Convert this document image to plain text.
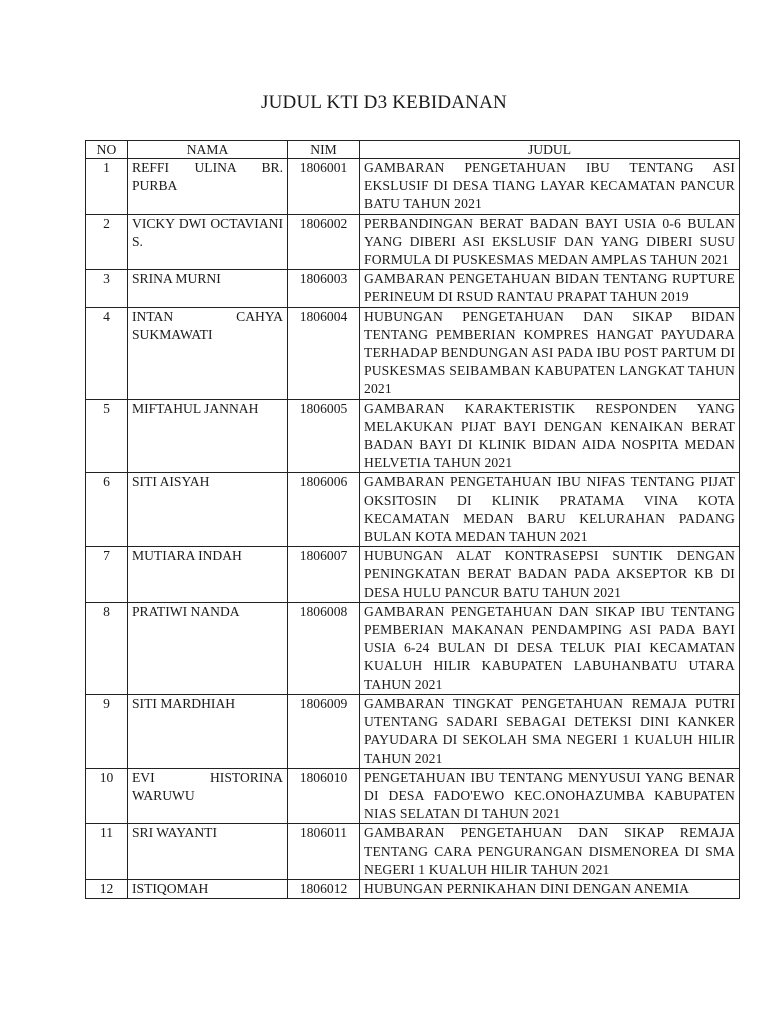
JUDUL KTI D3 KEBIDANAN
NO	NAMA	NIM	JUDUL
1	REFFI ULINA BR. PURBA	1806001	GAMBARAN PENGETAHUAN IBU TENTANG ASI EKSLUSIF DI DESA TIANG LAYAR KECAMATAN PANCUR BATU TAHUN 2021
2	VICKY DWI OCTAVIANI S.	1806002	PERBANDINGAN BERAT BADAN BAYI USIA 0-6 BULAN YANG DIBERI ASI EKSLUSIF DAN YANG DIBERI SUSU FORMULA DI PUSKESMAS MEDAN AMPLAS TAHUN 2021
3	SRINA MURNI	1806003	GAMBARAN PENGETAHUAN BIDAN TENTANG RUPTURE PERINEUM DI RSUD RANTAU PRAPAT TAHUN 2019
4	INTAN CAHYA SUKMAWATI	1806004	HUBUNGAN PENGETAHUAN DAN SIKAP BIDAN TENTANG PEMBERIAN KOMPRES HANGAT PAYUDARA TERHADAP BENDUNGAN ASI PADA IBU POST PARTUM DI PUSKESMAS SEIBAMBAN KABUPATEN LANGKAT TAHUN 2021
5	MIFTAHUL JANNAH	1806005	GAMBARAN KARAKTERISTIK RESPONDEN YANG MELAKUKAN PIJAT BAYI DENGAN KENAIKAN BERAT BADAN BAYI DI KLINIK BIDAN AIDA NOSPITA MEDAN HELVETIA TAHUN 2021
6	SITI AISYAH	1806006	GAMBARAN PENGETAHUAN IBU NIFAS TENTANG PIJAT OKSITOSIN DI KLINIK PRATAMA VINA KOTA KECAMATAN MEDAN BARU KELURAHAN PADANG BULAN KOTA MEDAN TAHUN 2021
7	MUTIARA INDAH	1806007	HUBUNGAN ALAT KONTRASEPSI SUNTIK DENGAN PENINGKATAN BERAT BADAN PADA AKSEPTOR KB DI DESA HULU PANCUR BATU TAHUN 2021
8	PRATIWI NANDA	1806008	GAMBARAN PENGETAHUAN DAN SIKAP IBU TENTANG PEMBERIAN MAKANAN PENDAMPING ASI PADA BAYI USIA 6-24 BULAN DI DESA TELUK PIAI KECAMATAN KUALUH HILIR KABUPATEN LABUHANBATU UTARA TAHUN 2021
9	SITI MARDHIAH	1806009	GAMBARAN TINGKAT PENGETAHUAN REMAJA PUTRI UTENTANG SADARI SEBAGAI DETEKSI DINI KANKER PAYUDARA DI SEKOLAH SMA NEGERI 1 KUALUH HILIR TAHUN 2021
10	EVI HISTORINA WARUWU	1806010	PENGETAHUAN IBU TENTANG MENYUSUI YANG BENAR DI DESA FADO'EWO KEC.ONOHAZUMBA KABUPATEN NIAS SELATAN DI TAHUN 2021
11	SRI WAYANTI	1806011	GAMBARAN PENGETAHUAN DAN SIKAP REMAJA TENTANG CARA PENGURANGAN DISMENOREA DI SMA NEGERI 1 KUALUH HILIR TAHUN 2021
12	ISTIQOMAH	1806012	HUBUNGAN PERNIKAHAN DINI DENGAN ANEMIA
